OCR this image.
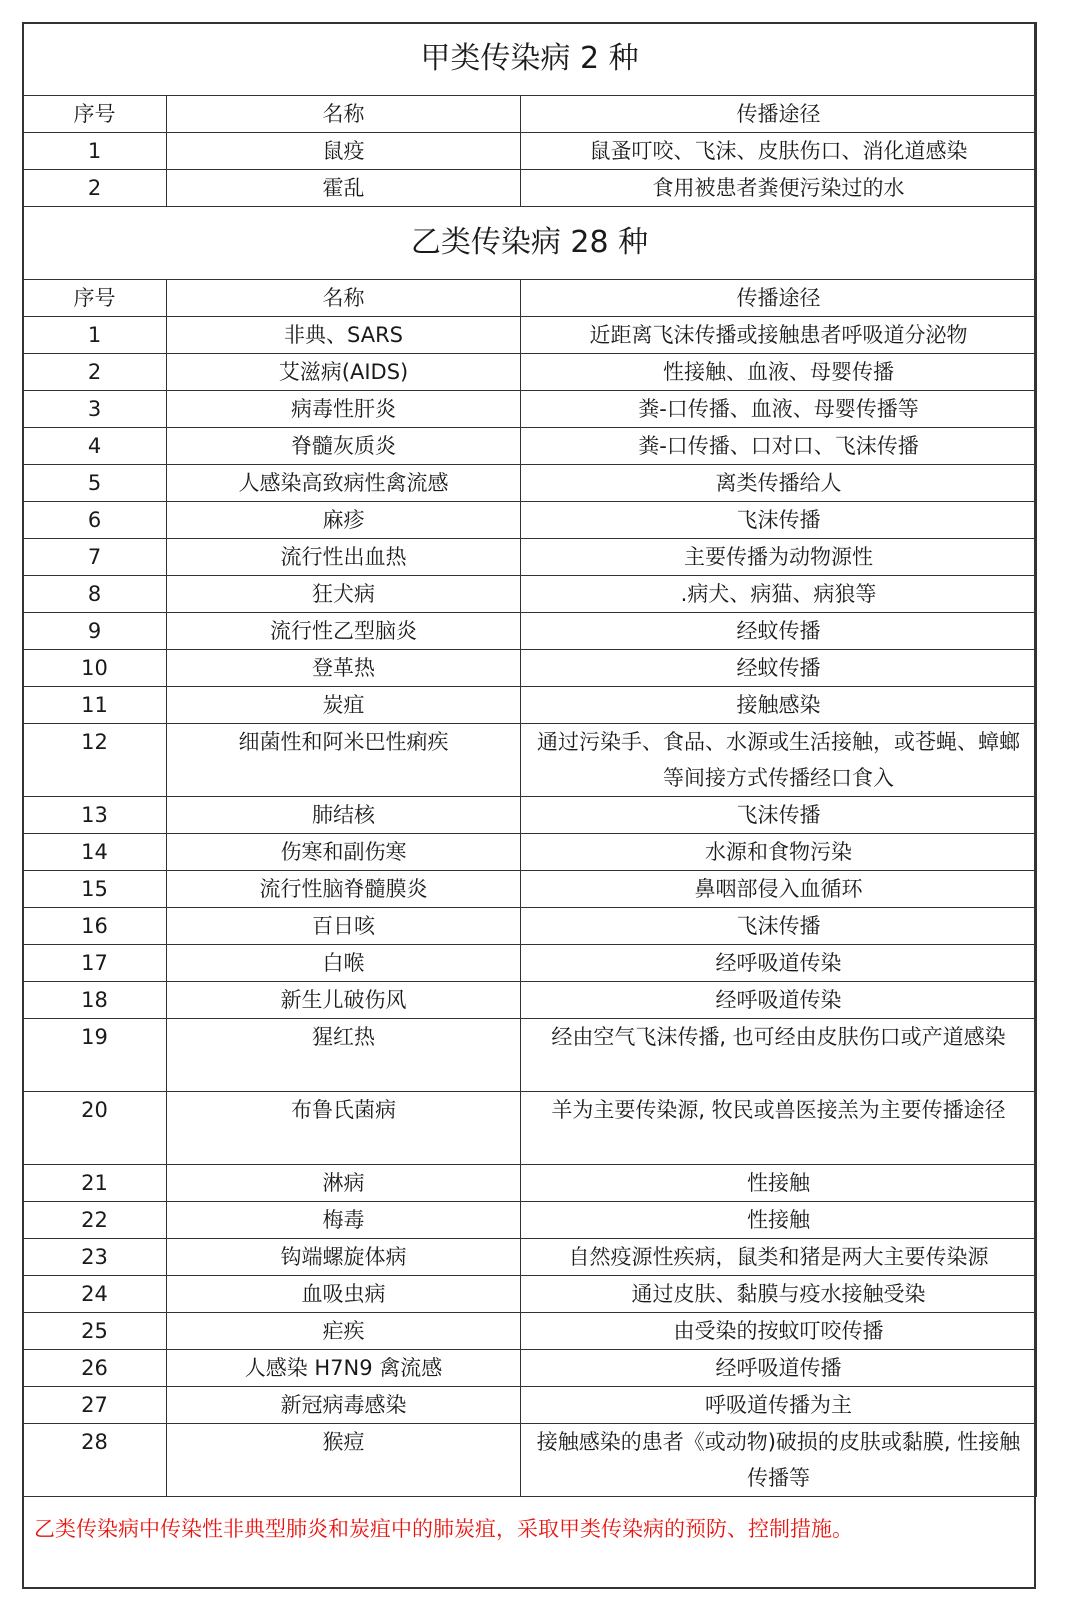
甲类传染病 2 种		
序号	名称	传播途径
1	鼠疫	鼠蚤叮咬、飞沫、皮肤伤口、消化道感染
2	霍乱	食用被患者粪便污染过的水
乙类传染病 28 种		
序号	名称	传播途径
1	非典、SARS	近距离飞沫传播或接触患者呼吸道分泌物
2	艾滋病(AIDS)	性接触、血液、母婴传播
3	病毒性肝炎	粪-口传播、血液、母婴传播等
4	脊髓灰质炎	粪-口传播、口对口、飞沫传播
5	人感染高致病性禽流感	离类传播给人
6	麻疹	飞沫传播
7	流行性出血热	主要传播为动物源性
8	狂犬病	.病犬、病猫、病狼等
9	流行性乙型脑炎	经蚊传播
10	登革热	经蚊传播
11	炭疽	接触感染
12	细菌性和阿米巴性痢疾	通过污染手、食品、水源或生活接触，或苍蝇、蟑螂等间接方式传播经口食入
13	肺结核	飞沫传播
14	伤寒和副伤寒	水源和食物污染
15	流行性脑脊髓膜炎	鼻咽部侵入血循环
16	百日咳	飞沫传播
17	白喉	经呼吸道传染
18	新生儿破伤风	经呼吸道传染
19	猩红热	经由空气飞沫传播, 也可经由皮肤伤口或产道感染
20	布鲁氏菌病	羊为主要传染源, 牧民或兽医接羔为主要传播途径
21	淋病	性接触
22	梅毒	性接触
23	钩端螺旋体病	自然疫源性疾病，鼠类和猪是两大主要传染源
24	血吸虫病	通过皮肤、黏膜与疫水接触受染
25	疟疾	由受染的按蚊叮咬传播
26	人感染 H7N9 禽流感	经呼吸道传播
27	新冠病毒感染	呼吸道传播为主
28	猴痘	接触感染的患者《或动物)破损的皮肤或黏膜, 性接触传播等
乙类传染病中传染性非典型肺炎和炭疽中的肺炭疽，采取甲类传染病的预防、控制措施。
